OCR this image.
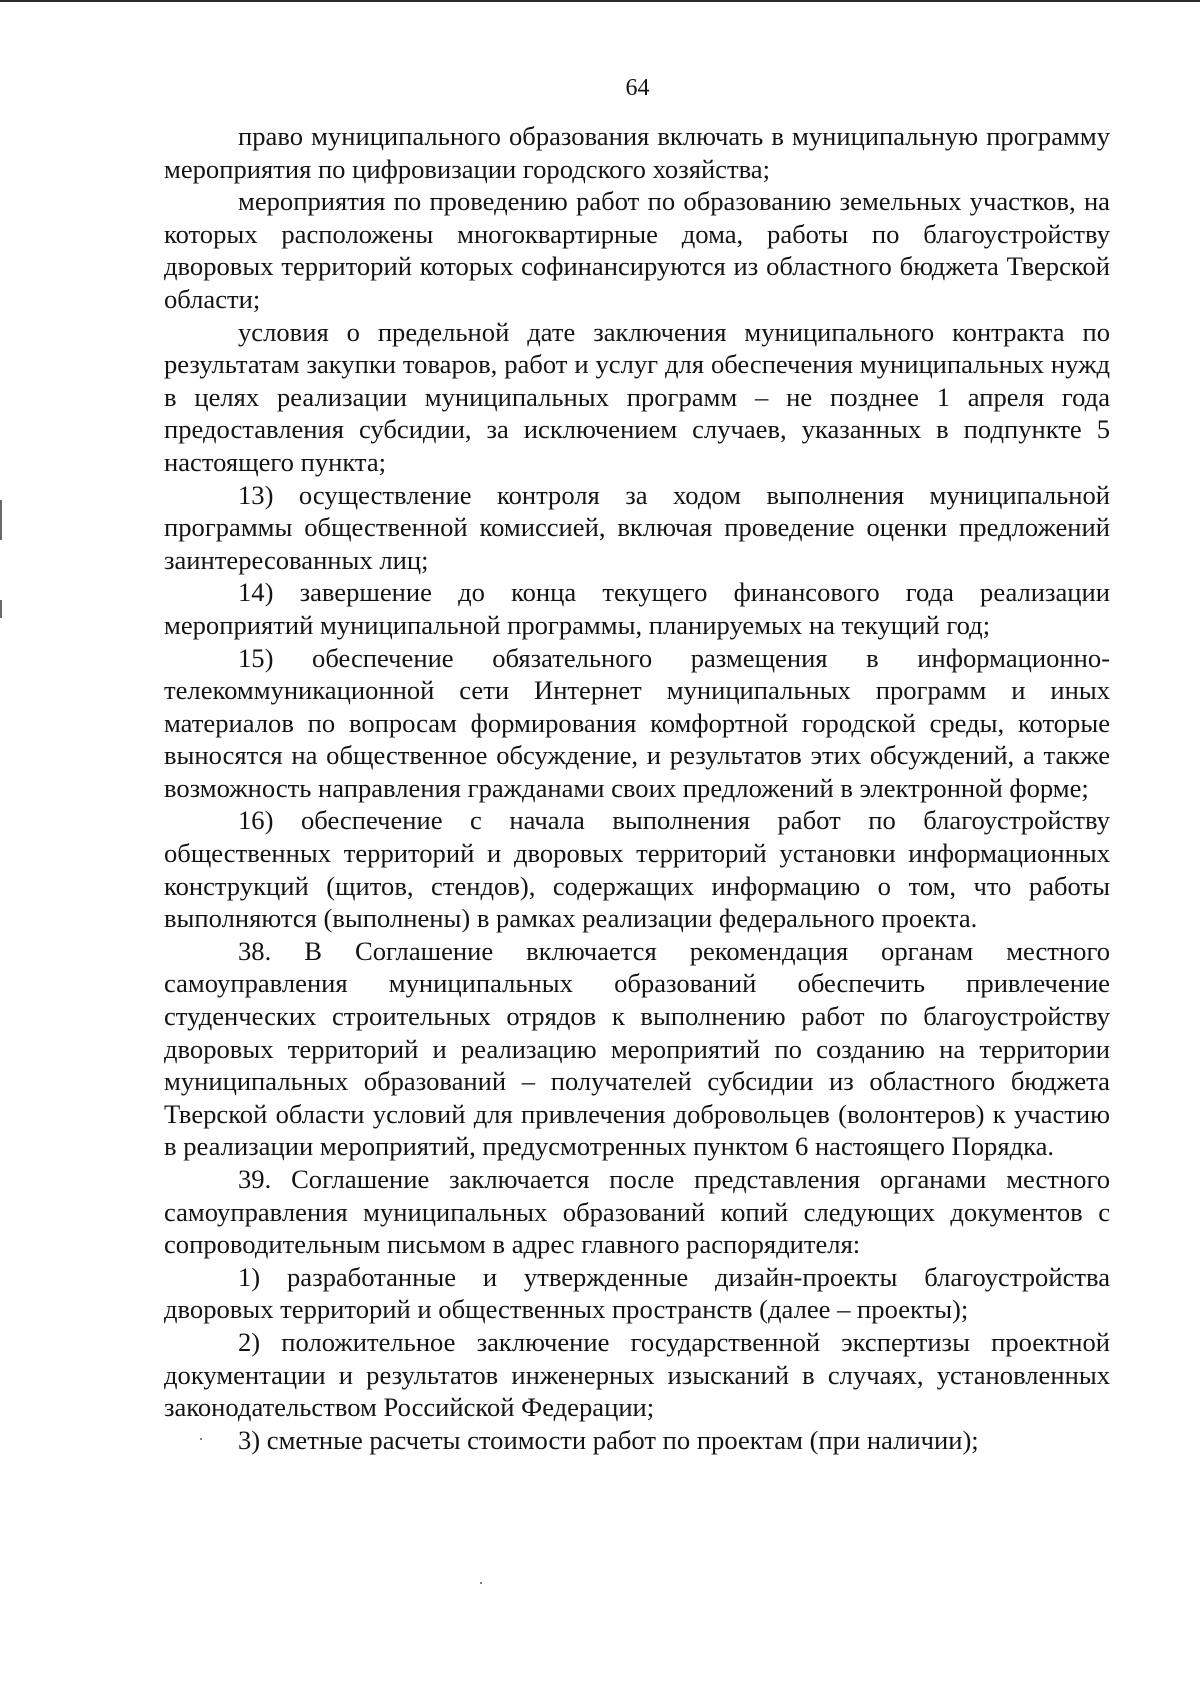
64

право муниципального образования включать в муниципальную программу мероприятия по цифровизации городского хозяйства;

мероприятия по проведению работ по образованию земельных участков, на которых расположены многоквартирные дома, работы по благоустройству дворовых территорий которых софинансируются из областного бюджета Тверской области;

условия о предельной дате заключения муниципального контракта по результатам закупки товаров, работ и услуг для обеспечения муниципальных нужд в целях реализации муниципальных программ – не позднее 1 апреля года предоставления субсидии, за исключением случаев, указанных в подпункте 5 настоящего пункта;

13) осуществление контроля за ходом выполнения муниципальной программы общественной комиссией, включая проведение оценки предложений заинтересованных лиц;

14) завершение до конца текущего финансового года реализации мероприятий муниципальной программы, планируемых на текущий год;

15) обеспечение обязательного размещения в информационно-телекоммуникационной сети Интернет муниципальных программ и иных материалов по вопросам формирования комфортной городской среды, которые выносятся на общественное обсуждение, и результатов этих обсуждений, а также возможность направления гражданами своих предложений в электронной форме;

16) обеспечение с начала выполнения работ по благоустройству общественных территорий и дворовых территорий установки информационных конструкций (щитов, стендов), содержащих информацию о том, что работы выполняются (выполнены) в рамках реализации федерального проекта.

38. В Соглашение включается рекомендация органам местного самоуправления муниципальных образований обеспечить привлечение студенческих строительных отрядов к выполнению работ по благоустройству дворовых территорий и реализацию мероприятий по созданию на территории муниципальных образований – получателей субсидии из областного бюджета Тверской области условий для привлечения добровольцев (волонтеров) к участию в реализации мероприятий, предусмотренных пунктом 6 настоящего Порядка.

39. Соглашение заключается после представления органами местного самоуправления муниципальных образований копий следующих документов с сопроводительным письмом в адрес главного распорядителя:

1) разработанные и утвержденные дизайн-проекты благоустройства дворовых территорий и общественных пространств (далее – проекты);

2) положительное заключение государственной экспертизы проектной документации и результатов инженерных изысканий в случаях, установленных законодательством Российской Федерации;

3) сметные расчеты стоимости работ по проектам (при наличии);
